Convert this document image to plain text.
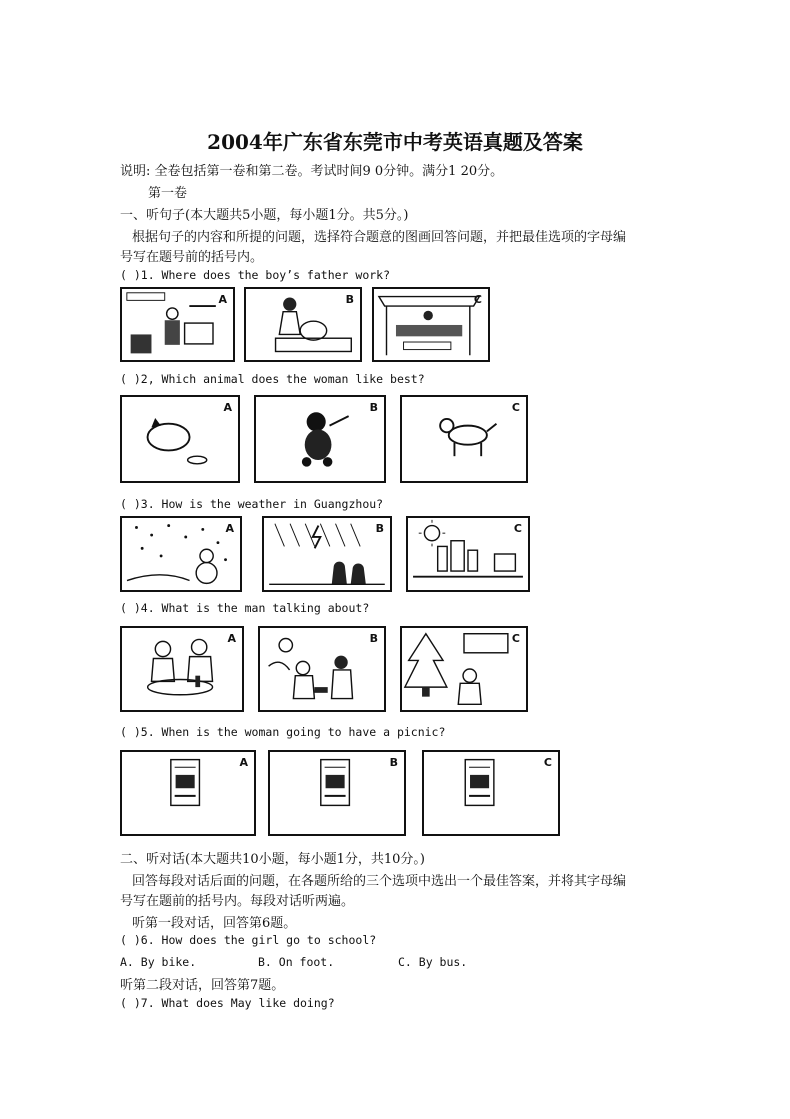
2004年广东省东莞市中考英语真题及答案
说明: 全卷包括第一卷和第二卷。考试时间9 0分钟。满分1 20分。
第一卷
一、听句子(本大题共5小题，每小题1分。共5分。)
根据句子的内容和所提的问题，选择符合题意的图画回答问题，并把最佳选项的字母编
号写在题号前的括号内。
( )1. Where does the boy’s father work?
A	B	C
( )2, Which animal does the woman like best?
A	B	C
( )3. How is the weather in Guangzhou?
A	B	C
( )4. What is the man talking about?
A	B	C
( )5. When is the woman going to have a picnic?
A	B	C
二、听对话(本大题共10小题，每小题1分，共10分。)
回答每段对话后面的问题，在各题所给的三个选项中选出一个最佳答案，并将其字母编
号写在题前的括号内。每段对话听两遍。
听第一段对话，回答第6题。
( )6. How does the girl go to school?
A. By bike.	B. On foot.	C. By bus.
听第二段对话，回答第7题。
( )7. What does May like doing?
